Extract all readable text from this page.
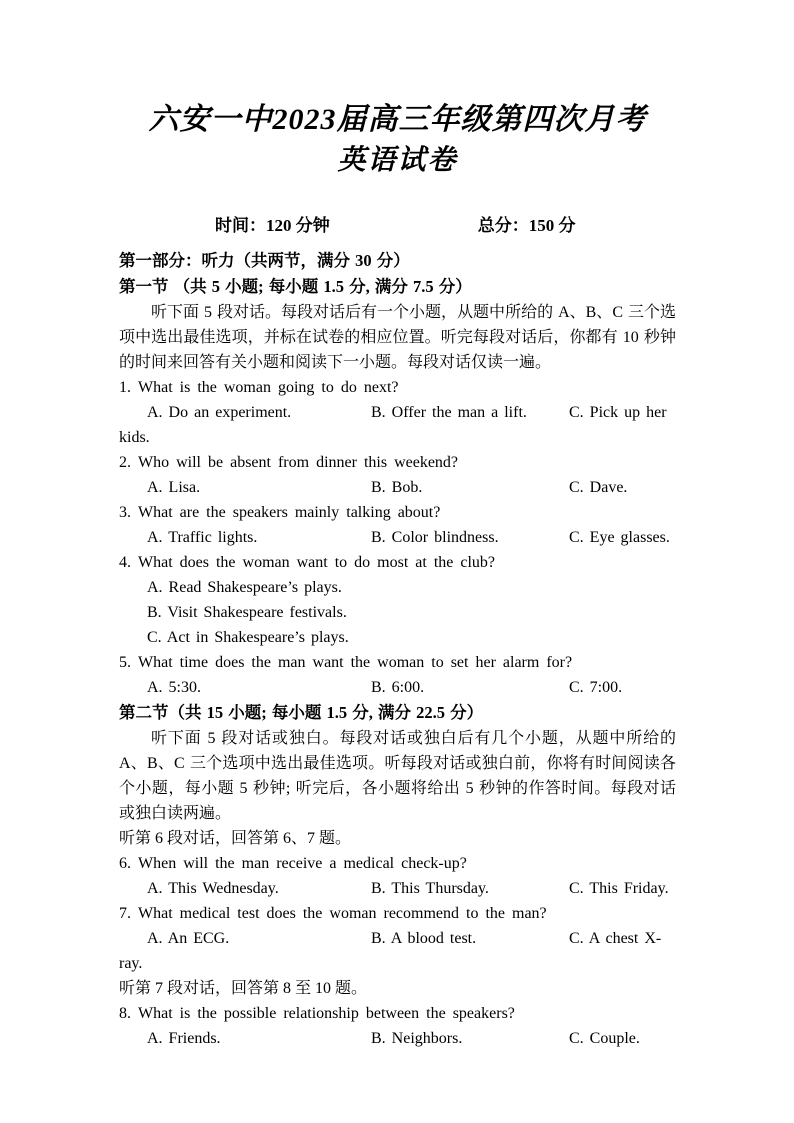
六安一中2023届高三年级第四次月考
英语试卷
时间：120 分钟	总分：150 分
第一部分：听力（共两节，满分 30 分）
第一节 （共 5 小题; 每小题 1.5 分, 满分 7.5 分）

听下面 5 段对话。每段对话后有一个小题，从题中所给的 A、B、C 三个选项中选出最佳选项，并标在试卷的相应位置。听完每段对话后，你都有 10 秒钟的时间来回答有关小题和阅读下一小题。每段对话仅读一遍。

1. What is the woman going to do next?
A. Do an experiment.	B. Offer the man a lift.	C. Pick up her
kids.
2. Who will be absent from dinner this weekend?
A. Lisa.	B. Bob.	C. Dave.
3. What are the speakers mainly talking about?
A. Traffic lights.	B. Color blindness.	C. Eye glasses.
4. What does the woman want to do most at the club?
A. Read Shakespeare’s plays.
B. Visit Shakespeare festivals.
C. Act in Shakespeare’s plays.
5. What time does the man want the woman to set her alarm for?
A. 5:30.	B. 6:00.	C. 7:00.
第二节（共 15 小题; 每小题 1.5 分, 满分 22.5 分）

听下面 5 段对话或独白。每段对话或独白后有几个小题，从题中所给的 A、B、C 三个选项中选出最佳选项。听每段对话或独白前，你将有时间阅读各个小题，每小题 5 秒钟; 听完后，各小题将给出 5 秒钟的作答时间。每段对话或独白读两遍。

听第 6 段对话，回答第 6、7 题。
6. When will the man receive a medical check-up?
A. This Wednesday.	B. This Thursday.	C. This Friday.
7. What medical test does the woman recommend to the man?
A. An ECG.	B. A blood test.	C. A chest X-
ray.
听第 7 段对话，回答第 8 至 10 题。
8. What is the possible relationship between the speakers?
A. Friends.	B. Neighbors.	C. Couple.
